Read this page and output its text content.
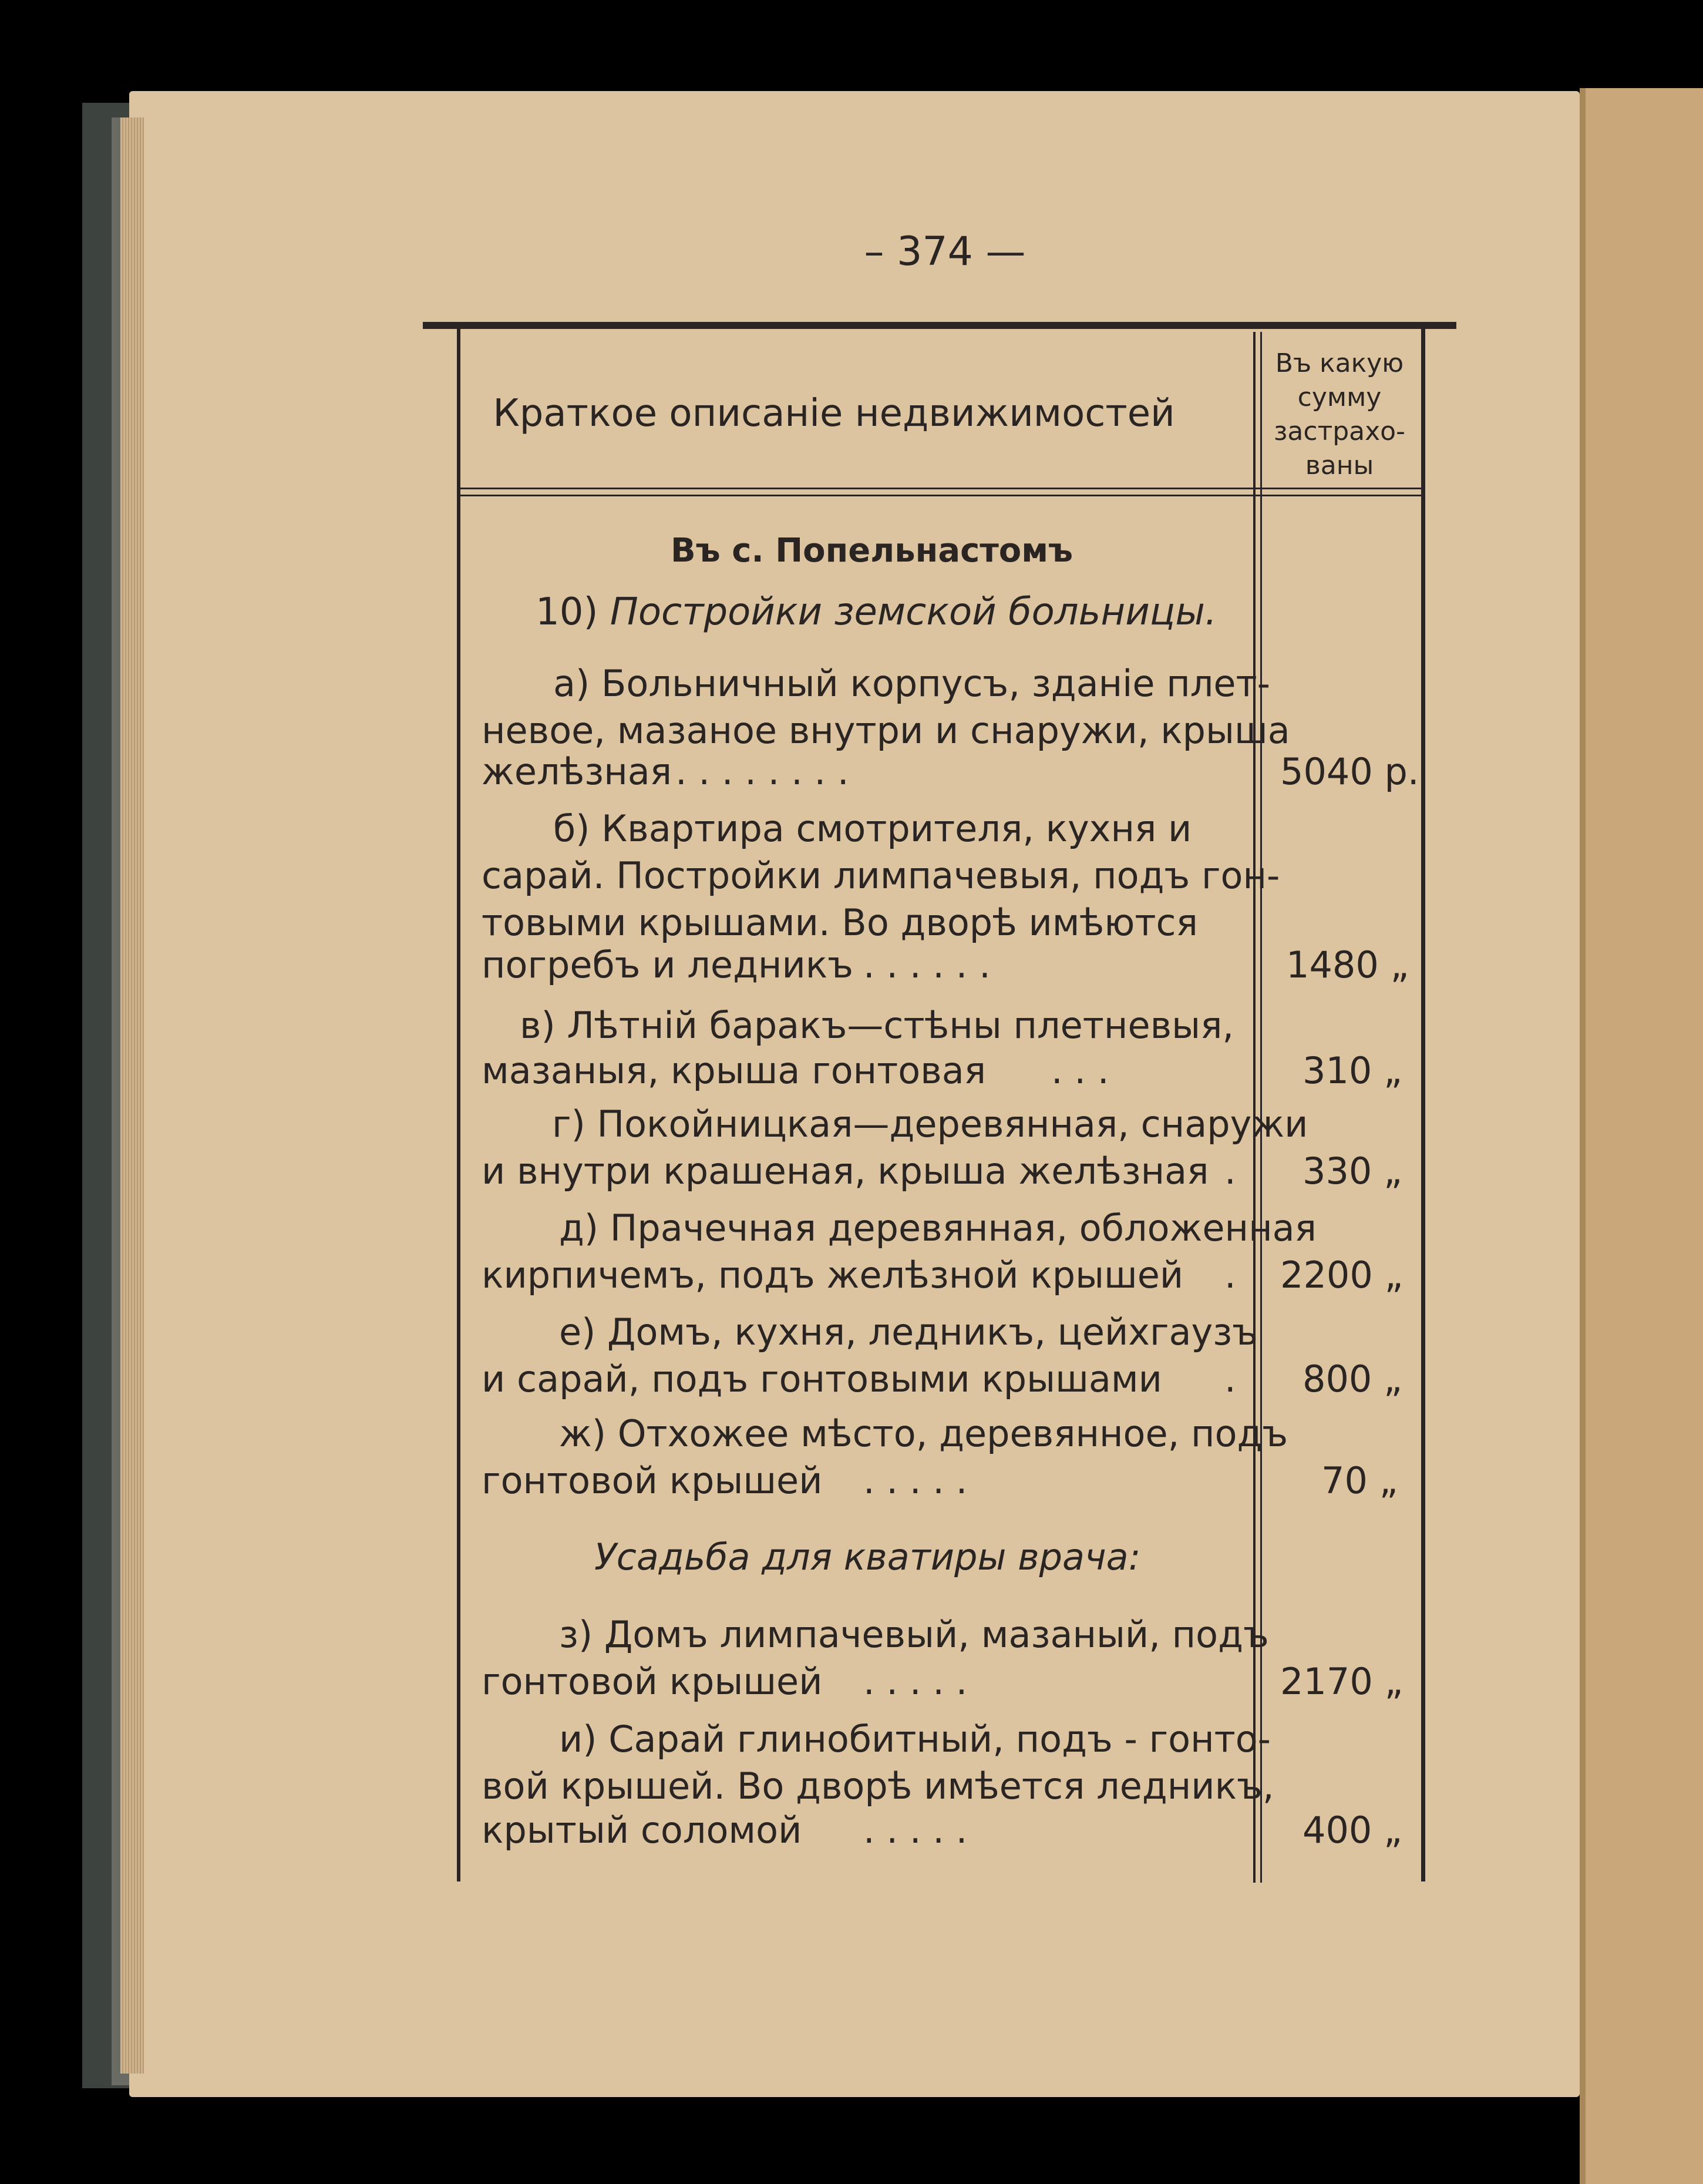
– 374 —
Краткое описанiе недвижимостей
Въ какую
сумму
застрахо-
ваны
Въ с. Попельнастомъ
10) Постройки земской больницы.
а) Больничный корпусъ, зданіе плет-
невое, мазаное внутри и снаружи, крыша
желѣзная . . . . . . . .	5040 р.
б) Квартира смотрителя, кухня и
сарай. Постройки лимпачевыя, подъ гон-
товыми крышами. Во дворѣ имѣются
погребъ и ледникъ . . . . . .	1480 „
в) Лѣтній баракъ—стѣны плетневыя,
мазаныя, крыша гонтовая . . .	310 „
г) Покойницкая—деревянная, снаружи
и внутри крашеная, крыша желѣзная . 330 „
д) Прачечная деревянная, обложенная
кирпичемъ, подъ желѣзной крышей . 2200 „
е) Домъ, кухня, ледникъ, цейхгаузъ
и сарай, подъ гонтовыми крышами . 800 „
ж) Отхожее мѣсто, деревянное, подъ
гонтовой крышей . . . . .	70 „
Усадьба для кватиры врача:
з) Домъ лимпачевый, мазаный, подъ
гонтовой крышей . . . . .	2170 „
и) Сарай глинобитный, подъ - гонто-
вой крышей. Во дворѣ имѣется ледникъ,
крытый соломой . . . . .	400 „
